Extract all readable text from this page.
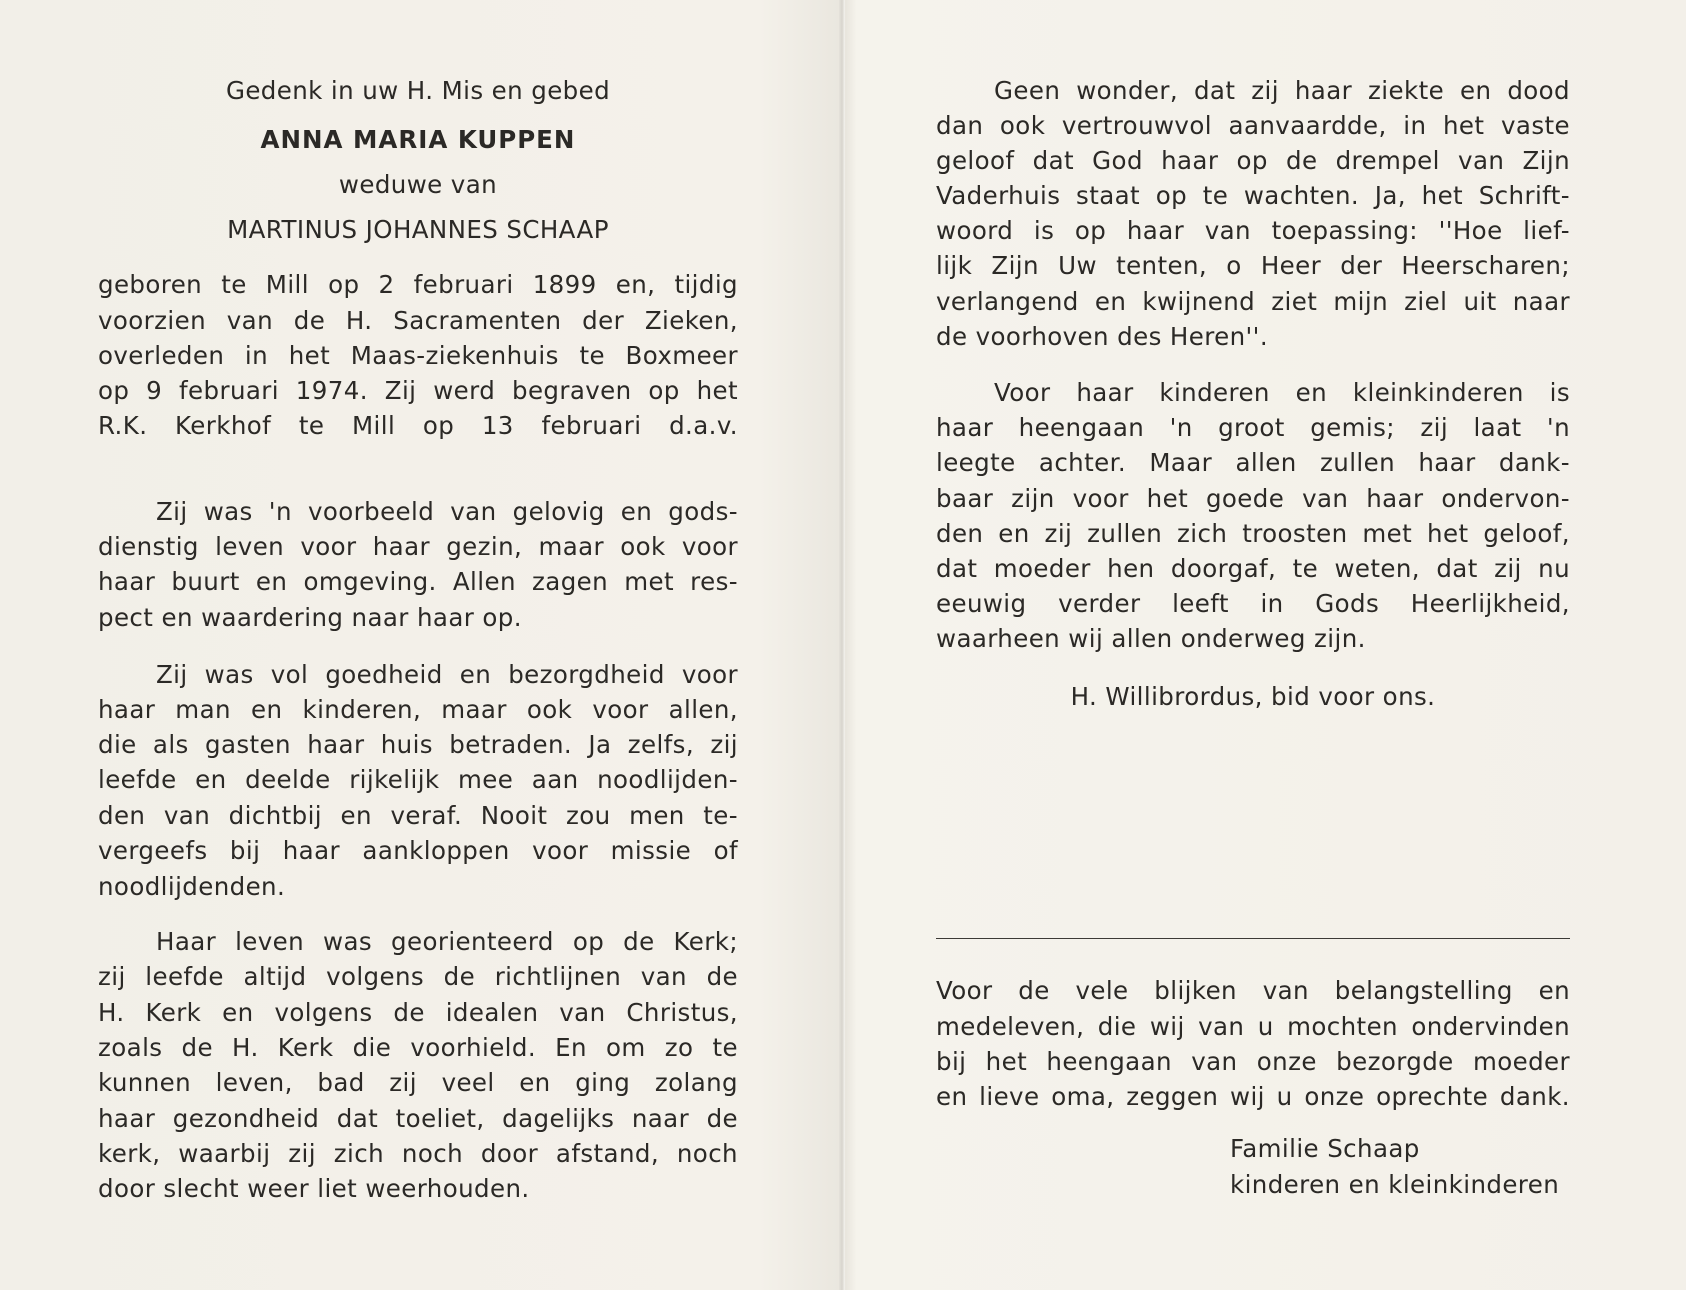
Gedenk in uw H. Mis en gebed
ANNA MARIA KUPPEN
weduwe van
MARTINUS JOHANNES SCHAAP
geboren te Mill op 2 februari 1899 en, tijdig
voorzien van de H. Sacramenten der Zieken,
overleden in het Maas-ziekenhuis te Boxmeer
op 9 februari 1974. Zij werd begraven op het
R.K. Kerkhof te Mill op 13 februari d.a.v.
Zij was 'n voorbeeld van gelovig en gods-
dienstig leven voor haar gezin, maar ook voor
haar buurt en omgeving. Allen zagen met res-
pect en waardering naar haar op.
Zij was vol goedheid en bezorgdheid voor
haar man en kinderen, maar ook voor allen,
die als gasten haar huis betraden. Ja zelfs, zij
leefde en deelde rijkelijk mee aan noodlijden-
den van dichtbij en veraf. Nooit zou men te-
vergeefs bij haar aankloppen voor missie of
noodlijdenden.
Haar leven was georienteerd op de Kerk;
zij leefde altijd volgens de richtlijnen van de
H. Kerk en volgens de idealen van Christus,
zoals de H. Kerk die voorhield. En om zo te
kunnen leven, bad zij veel en ging zolang
haar gezondheid dat toeliet, dagelijks naar de
kerk, waarbij zij zich noch door afstand, noch
door slecht weer liet weerhouden.
Geen wonder, dat zij haar ziekte en dood
dan ook vertrouwvol aanvaardde, in het vaste
geloof dat God haar op de drempel van Zijn
Vaderhuis staat op te wachten. Ja, het Schrift-
woord is op haar van toepassing: ''Hoe lief-
lijk Zijn Uw tenten, o Heer der Heerscharen;
verlangend en kwijnend ziet mijn ziel uit naar
de voorhoven des Heren''.
Voor haar kinderen en kleinkinderen is
haar heengaan 'n groot gemis; zij laat 'n
leegte achter. Maar allen zullen haar dank-
baar zijn voor het goede van haar ondervon-
den en zij zullen zich troosten met het geloof,
dat moeder hen doorgaf, te weten, dat zij nu
eeuwig verder leeft in Gods Heerlijkheid,
waarheen wij allen onderweg zijn.
H. Willibrordus, bid voor ons.
Voor de vele blijken van belangstelling en
medeleven, die wij van u mochten ondervinden
bij het heengaan van onze bezorgde moeder
en lieve oma, zeggen wij u onze oprechte dank.
Familie Schaap
kinderen en kleinkinderen
